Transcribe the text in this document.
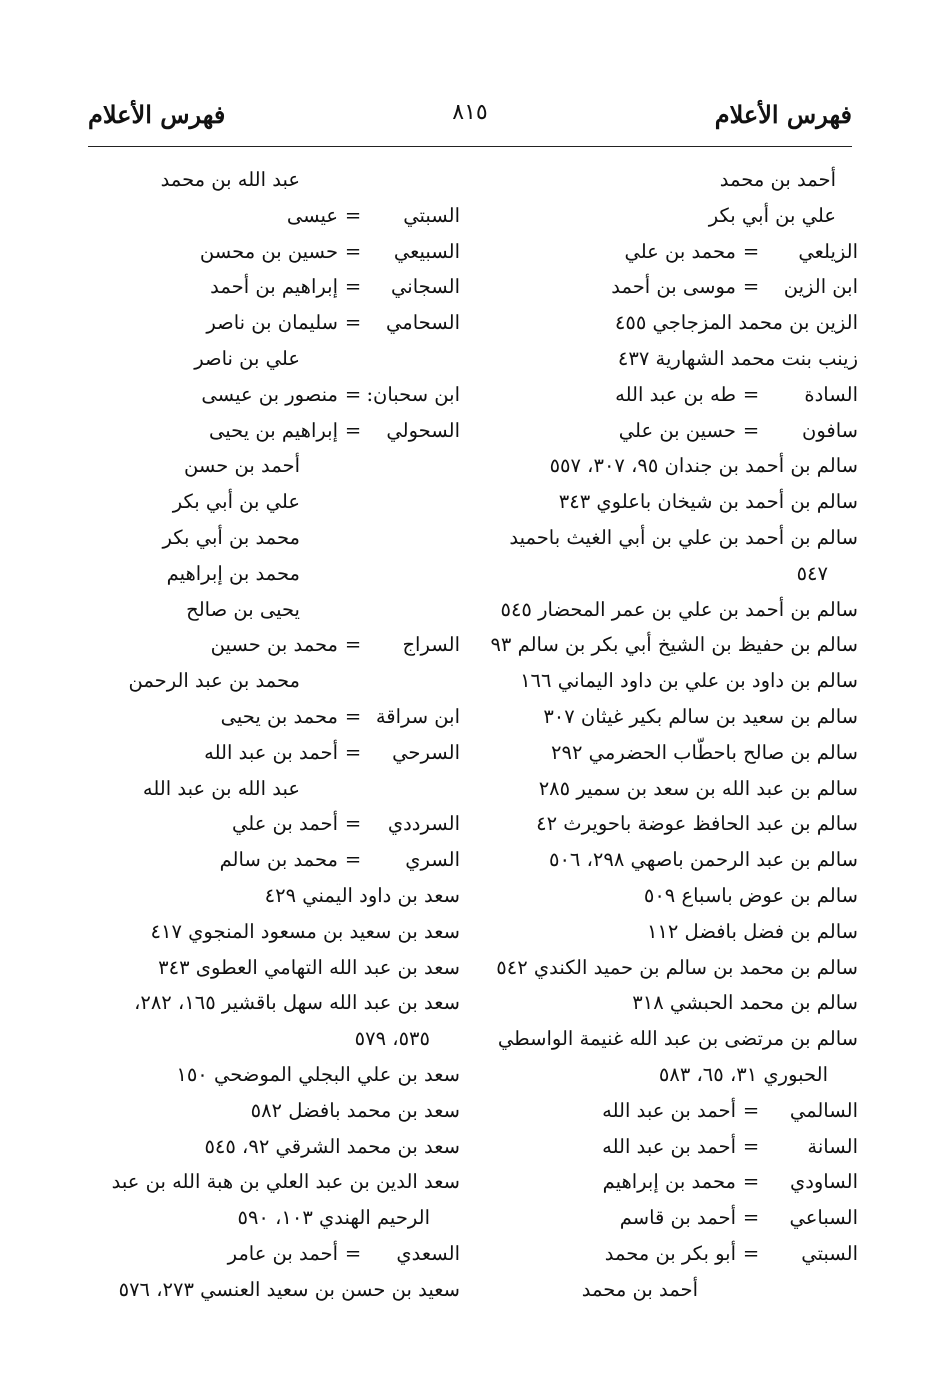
فهرس الأعلام
٨١٥
فهرس الأعلام
أحمد بن محمد
علي بن أبي بكر
الزيلعي=محمد بن علي
ابن الزين=موسى بن أحمد
الزين بن محمد المزجاجي ٤٥٥
زينب بنت محمد الشهارية ٤٣٧
السادة=طه بن عبد الله
سافون=حسين بن علي
سالم بن أحمد بن جندان ٩٥، ٣٠٧، ٥٥٧
سالم بن أحمد بن شيخان باعلوي ٣٤٣
سالم بن أحمد بن علي بن أبي الغيث باحميد
٥٤٧
سالم بن أحمد بن علي بن عمر المحضار ٥٤٥
سالم بن حفيظ بن الشيخ أبي بكر بن سالم ٩٣
سالم بن داود بن علي بن داود اليماني ١٦٦
سالم بن سعيد بن سالم بكير غيثان ٣٠٧
سالم بن صالح باحطّاب الحضرمي ٢٩٢
سالم بن عبد الله بن سعد بن سمير ٢٨٥
سالم بن عبد الحافظ عوضة باحويرث ٤٢
سالم بن عبد الرحمن باصهي ٢٩٨، ٥٠٦
سالم بن عوض باسباع ٥٠٩
سالم بن فضل بافضل ١١٢
سالم بن محمد بن سالم بن حميد الكندي ٥٤٢
سالم بن محمد الحبشي ٣١٨
سالم بن مرتضى بن عبد الله غنيمة الواسطي
الحبوري ٣١، ٦٥، ٥٨٣
السالمي=أحمد بن عبد الله
السانة=أحمد بن عبد الله
الساودي=محمد بن إبراهيم
السباعي=أحمد بن قاسم
السبتي=أبو بكر بن محمد
أحمد بن محمد
عبد الله بن محمد
السبتي=عيسى
السبيعي=حسين بن محسن
السجاني=إبراهيم بن أحمد
السحامي=سليمان بن ناصر
علي بن ناصر
ابن سحبان:=منصور بن عيسى
السحولي=إبراهيم بن يحيى
أحمد بن حسن
علي بن أبي بكر
محمد بن أبي بكر
محمد بن إبراهيم
يحيى بن صالح
السراج=محمد بن حسين
محمد بن عبد الرحمن
ابن سراقة=محمد بن يحيى
السرحي=أحمد بن عبد الله
عبد الله بن عبد الله
السرددي=أحمد بن علي
السري=محمد بن سالم
سعد بن داود اليمني ٤٢٩
سعد بن سعيد بن مسعود المنجوي ٤١٧
سعد بن عبد الله التهامي العطوى ٣٤٣
سعد بن عبد الله سهل باقشير ١٦٥، ٢٨٢،
٥٣٥، ٥٧٩
سعد بن علي البجلي الموضحي ١٥٠
سعد بن محمد بافضل ٥٨٢
سعد بن محمد الشرقي ٩٢، ٥٤٥
سعد الدين بن عبد العلي بن هبة الله بن عبد
الرحيم الهندي ١٠٣، ٥٩٠
السعدي=أحمد بن عامر
سعيد بن حسن بن سعيد العنسي ٢٧٣، ٥٧٦
